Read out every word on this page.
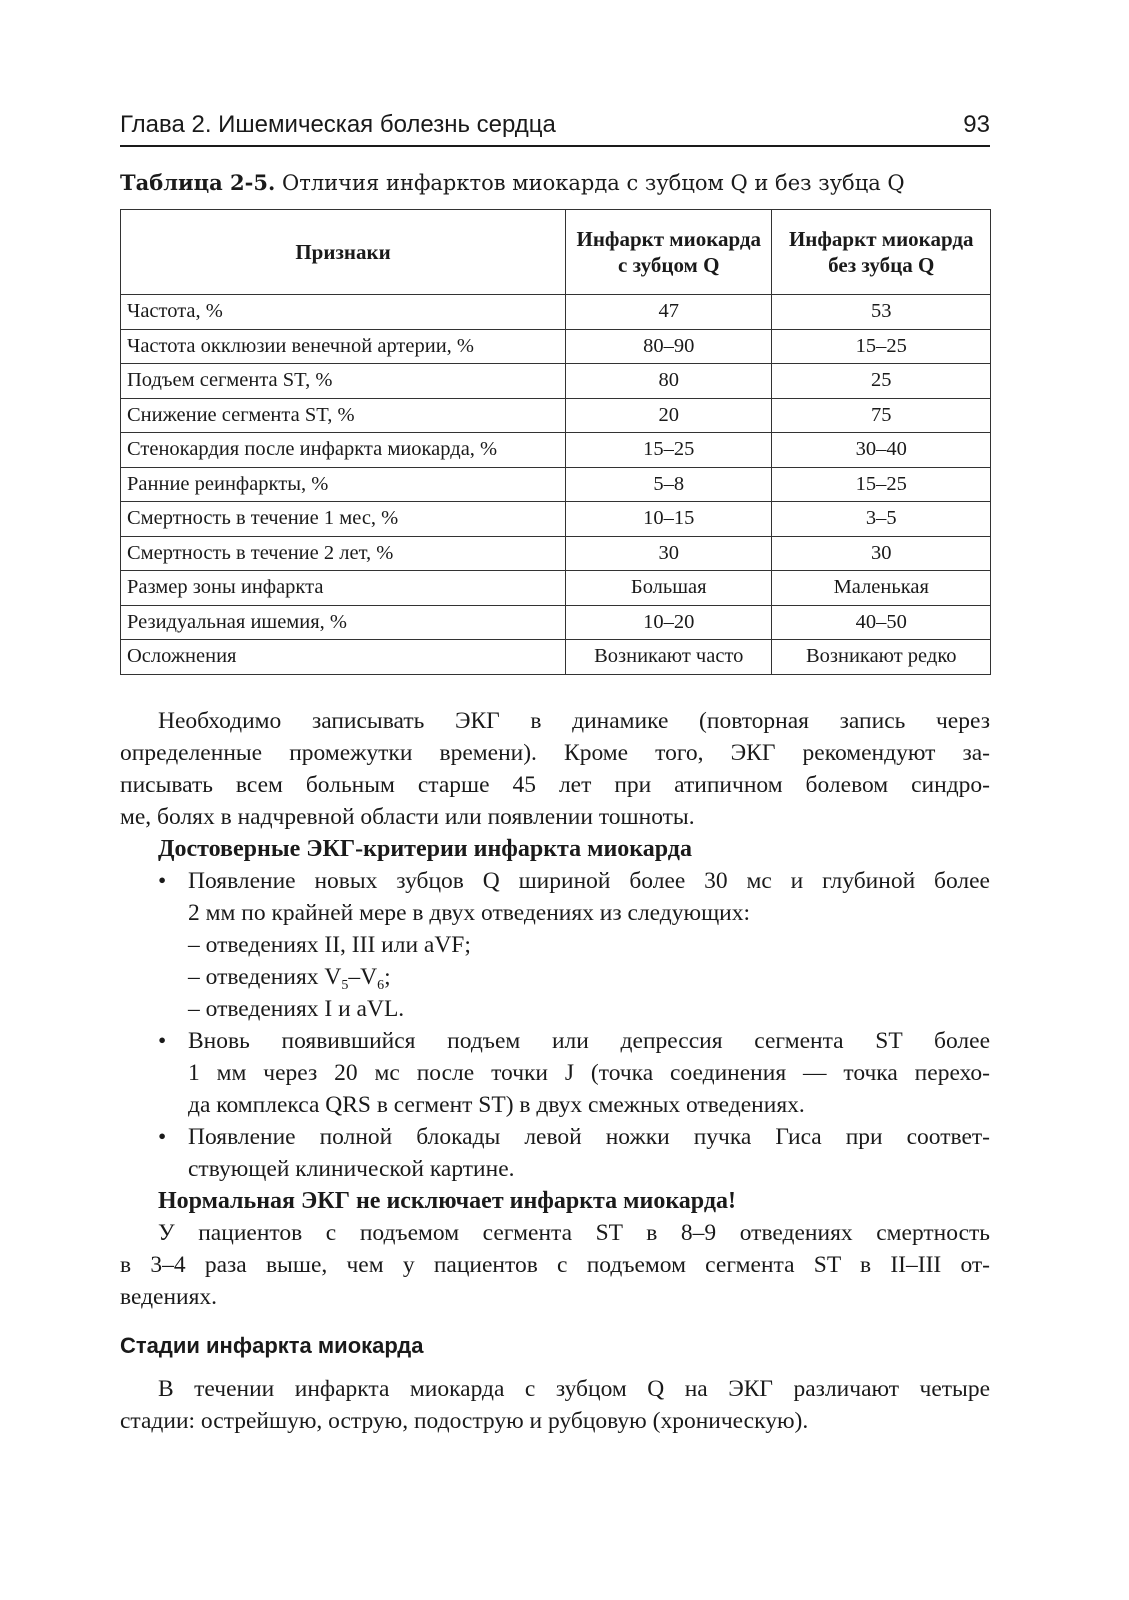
Глава 2. Ишемическая болезнь сердца	93
Таблица 2-5. Отличия инфарктов миокарда с зубцом Q и без зубца Q
Признаки	Инфаркт миокарда с зубцом Q	Инфаркт миокарда без зубца Q
Частота, %	47	53
Частота окклюзии венечной артерии, %	80–90	15–25
Подъем сегмента ST, %	80	25
Снижение сегмента ST, %	20	75
Стенокардия после инфаркта миокарда, %	15–25	30–40
Ранние реинфаркты, %	5–8	15–25
Смертность в течение 1 мес, %	10–15	3–5
Смертность в течение 2 лет, %	30	30
Размер зоны инфаркта	Большая	Маленькая
Резидуальная ишемия, %	10–20	40–50
Осложнения	Возникают часто	Возникают редко
Необходимо записывать ЭКГ в динамике (повторная запись через
определенные промежутки времени). Кроме того, ЭКГ рекомендуют за-
писывать всем больным старше 45 лет при атипичном болевом синдро-
ме, болях в надчревной области или появлении тошноты.

Достоверные ЭКГ-критерии инфаркта миокарда

• Появление новых зубцов Q шириной более 30 мс и глубиной более
2 мм по крайней мере в двух отведениях из следующих:
– отведениях II, III или aVF;
– отведениях $V_5-V_6$;
– отведениях I и aVL.
• Вновь появившийся подъем или депрессия сегмента ST более
1 мм через 20 мс после точки J (точка соединения — точка перехо-
да комплекса QRS в сегмент ST) в двух смежных отведениях.
• Появление полной блокады левой ножки пучка Гиса при соответ-
ствующей клинической картине.

Нормальная ЭКГ не исключает инфаркта миокарда!

У пациентов с подъемом сегмента ST в 8–9 отведениях смертность
в 3–4 раза выше, чем у пациентов с подъемом сегмента ST в II–III от-
ведениях.
Стадии инфаркта миокарда
В течении инфаркта миокарда с зубцом Q на ЭКГ различают четыре
стадии: острейшую, острую, подострую и рубцовую (хроническую).
